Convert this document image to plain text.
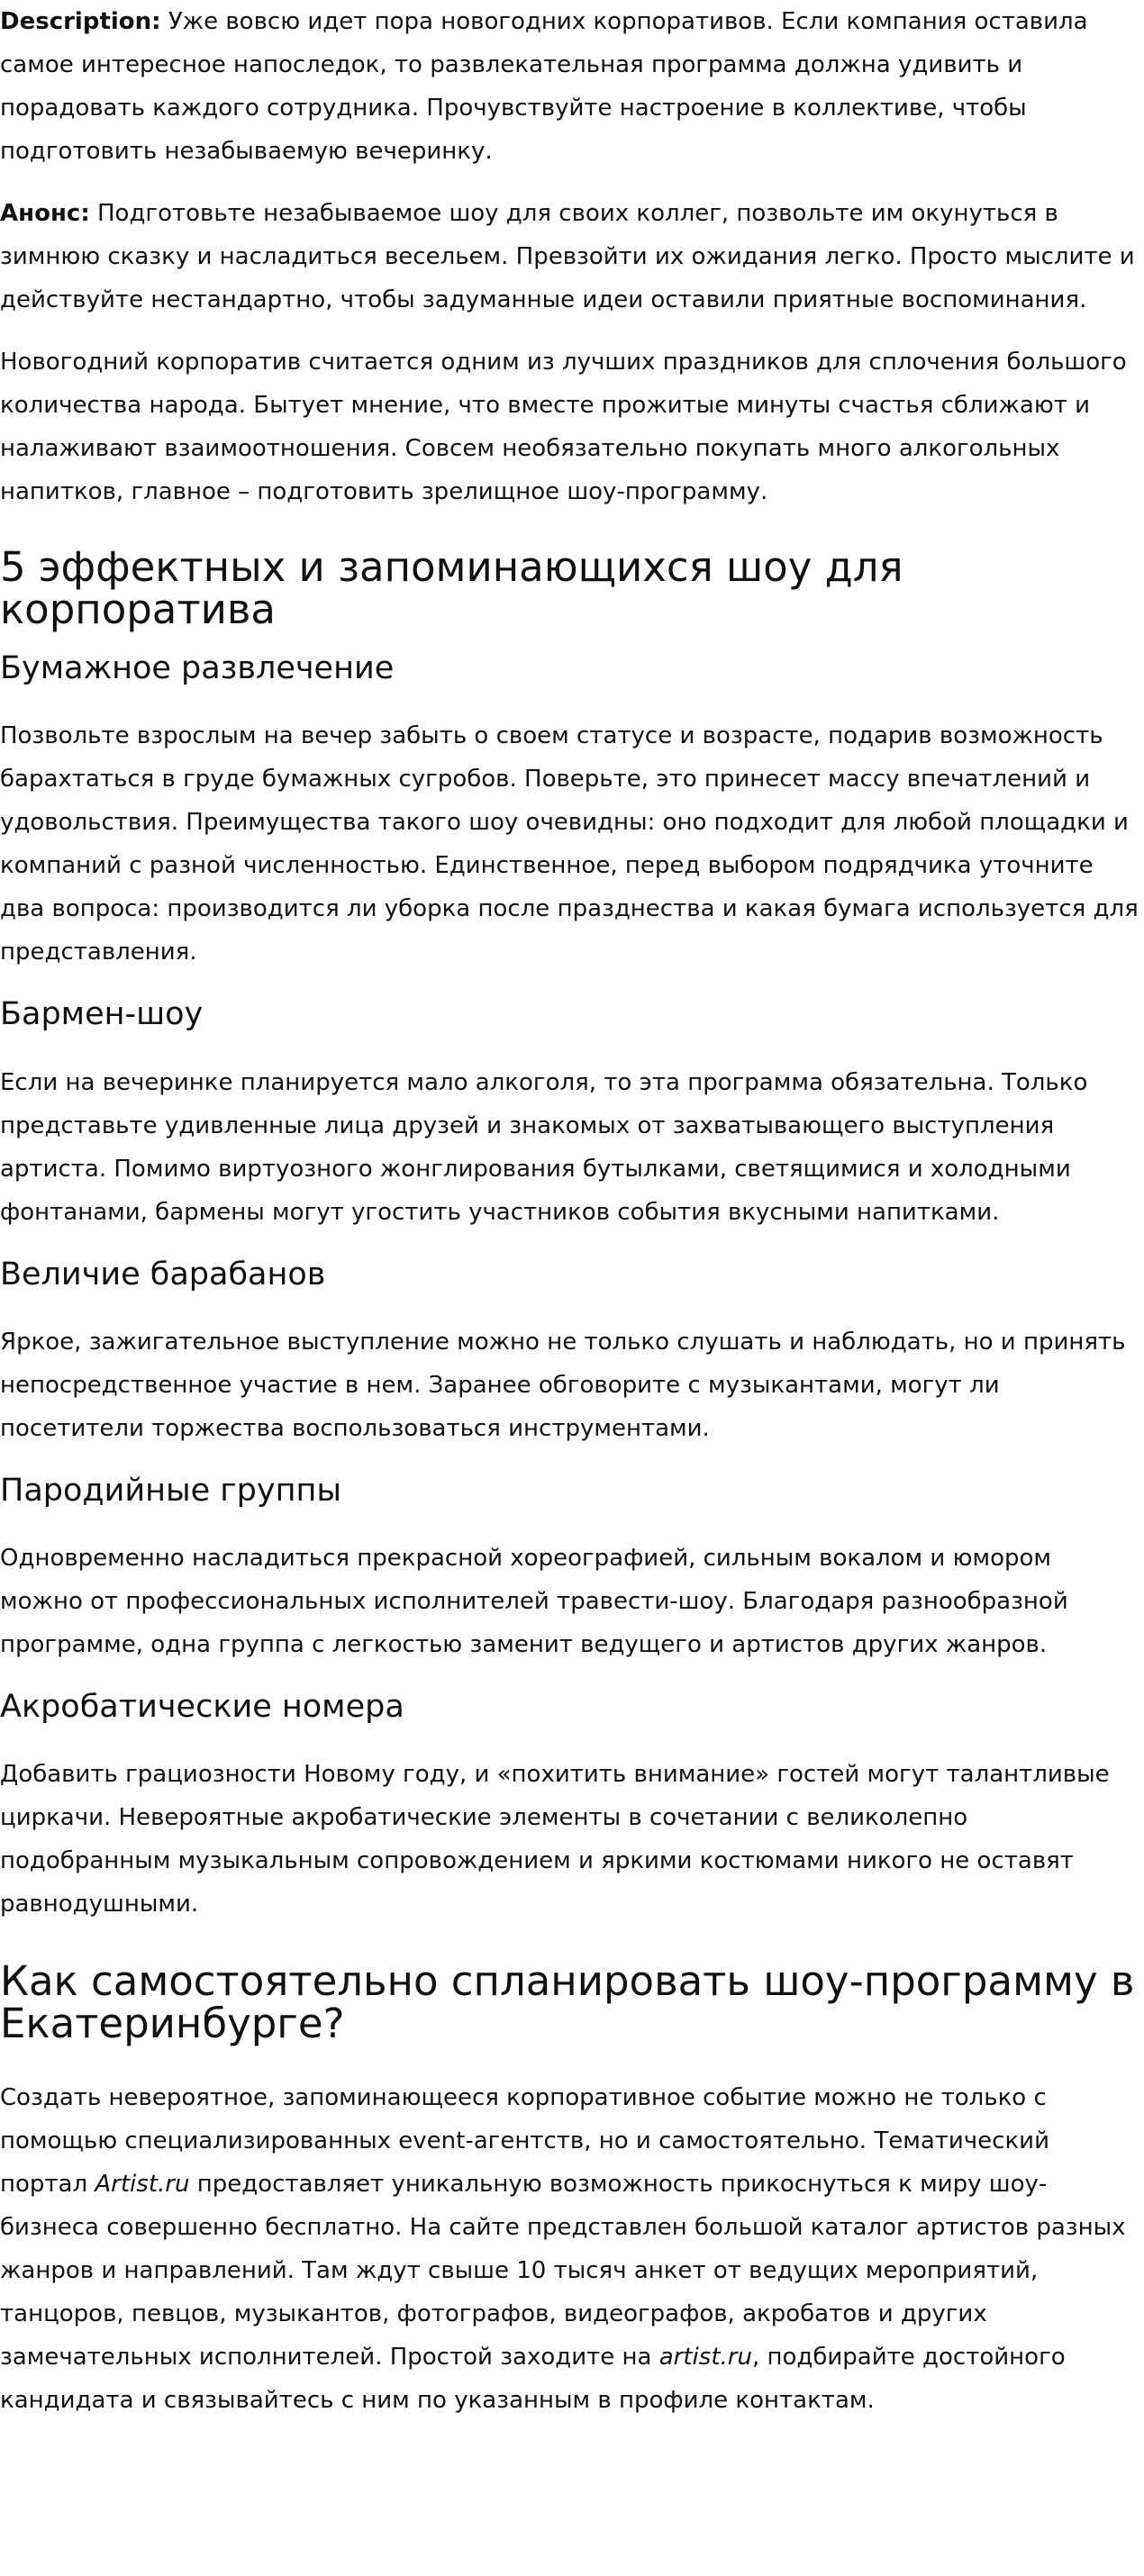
Description: Уже вовсю идет пора новогодних корпоративов. Если компания оставила самое интересное напоследок, то развлекательная программа должна удивить и порадовать каждого сотрудника. Прочувствуйте настроение в коллективе, чтобы подготовить незабываемую вечеринку.

Анонс: Подготовьте незабываемое шоу для своих коллег, позвольте им окунуться в зимнюю сказку и насладиться весельем. Превзойти их ожидания легко. Просто мыслите и действуйте нестандартно, чтобы задуманные идеи оставили приятные воспоминания.

Новогодний корпоратив считается одним из лучших праздников для сплочения большого количества народа. Бытует мнение, что вместе прожитые минуты счастья сближают и налаживают взаимоотношения. Совсем необязательно покупать много алкогольных напитков, главное – подготовить зрелищное шоу-программу.

5 эффектных и запоминающихся шоу для корпоратива
Бумажное развлечение

Позвольте взрослым на вечер забыть о своем статусе и возрасте, подарив возможность барахтаться в груде бумажных сугробов. Поверьте, это принесет массу впечатлений и удовольствия. Преимущества такого шоу очевидны: оно подходит для любой площадки и компаний с разной численностью. Единственное, перед выбором подрядчика уточните два вопроса: производится ли уборка после празднества и какая бумага используется для представления.

Бармен-шоу

Если на вечеринке планируется мало алкоголя, то эта программа обязательна. Только представьте удивленные лица друзей и знакомых от захватывающего выступления артиста. Помимо виртуозного жонглирования бутылками, светящимися и холодными фонтанами, бармены могут угостить участников события вкусными напитками.

Величие барабанов

Яркое, зажигательное выступление можно не только слушать и наблюдать, но и принять непосредственное участие в нем. Заранее обговорите с музыкантами, могут ли посетители торжества воспользоваться инструментами.

Пародийные группы

Одновременно насладиться прекрасной хореографией, сильным вокалом и юмором можно от профессиональных исполнителей травести-шоу. Благодаря разнообразной программе, одна группа с легкостью заменит ведущего и артистов других жанров.

Акробатические номера

Добавить грациозности Новому году, и «похитить внимание» гостей могут талантливые циркачи. Невероятные акробатические элементы в сочетании с великолепно подобранным музыкальным сопровождением и яркими костюмами никого не оставят равнодушными.

Как самостоятельно спланировать шоу-программу в Екатеринбурге?

Создать невероятное, запоминающееся корпоративное событие можно не только с помощью специализированных event-агентств, но и самостоятельно. Тематический портал Artist.ru предоставляет уникальную возможность прикоснуться к миру шоу-бизнеса совершенно бесплатно. На сайте представлен большой каталог артистов разных жанров и направлений. Там ждут свыше 10 тысяч анкет от ведущих мероприятий, танцоров, певцов, музыкантов, фотографов, видеографов, акробатов и других замечательных исполнителей. Простой заходите на artist.ru, подбирайте достойного кандидата и связывайтесь с ним по указанным в профиле контактам.
